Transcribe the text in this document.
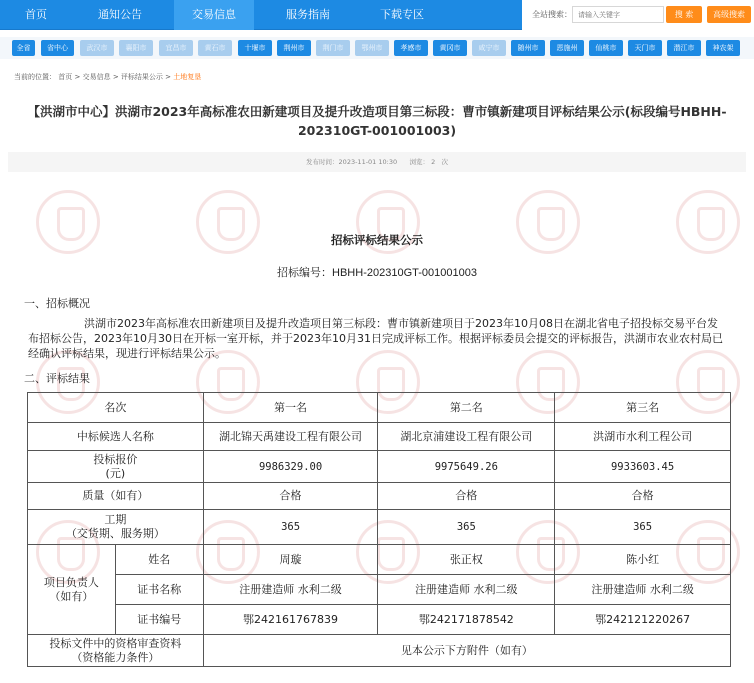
首页	通知公告	交易信息	服务指南	下载专区	全站搜索：
请输入关键字	搜 索	高级搜索
全省	省中心	武汉市	襄阳市	宜昌市	黄石市	十堰市	荆州市	荆门市	鄂州市	孝感市	黄冈市	咸宁市	随州市	恩施州	仙桃市	天门市	潜江市	神农架
当前的位置： 首页 > 交易信息 > 评标结果公示 > 土地复垦
【洪湖市中心】洪湖市2023年高标准农田新建项目及提升改造项目第三标段：曹市镇新建项目评标结果公示(标段编号HBHH-202310GT-001001003)
发布时间：2023-11-01 10:30 浏览： 2 次
招标评标结果公示
招标编号：HBHH-202310GT-001001003
一、招标概况
洪湖市2023年高标准农田新建项目及提升改造项目第三标段：曹市镇新建项目于2023年10月08日在湖北省电子招投标交易平台发布招标公告，2023年10月30日在开标一室开标，并于2023年10月31日完成评标工作。根据评标委员会提交的评标报告，洪湖市农业农村局已经确认评标结果，现进行评标结果公示。
二、评标结果
名次		第一名	第二名	第三名
中标候选人名称		湖北锦天禹建设工程有限公司	湖北京浦建设工程有限公司	洪湖市水利工程公司

投标报价
(元)		9986329.00	9975649.26	9933603.45
质量（如有）		合格	合格	合格

工期
（交货期、服务期）		365	365	365

项目负责人
（如有）	姓名	周璇	张正权	陈小红
	证书名称	注册建造师 水利二级	注册建造师 水利二级	注册建造师 水利二级
	证书编号	鄂242161767839	鄂242171878542	鄂242121220267

投标文件中的资格审查资料
（资格能力条件）		见本公示下方附件（如有）		
